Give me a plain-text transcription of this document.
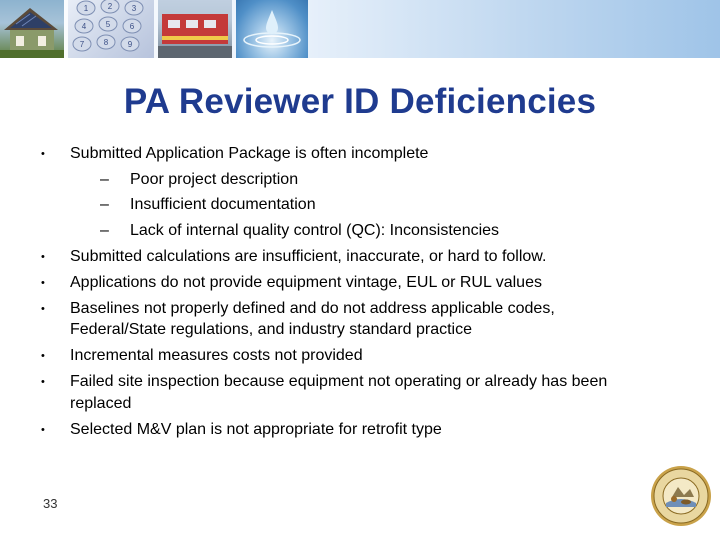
1 2 3
4 5 6
7 8 9
PA Reviewer ID Deficiencies
• Submitted Application Package is often incomplete
– Poor project description
– Insufficient documentation
– Lack of internal quality control (QC): Inconsistencies
• Submitted calculations are insufficient, inaccurate, or hard to follow.
• Applications do not provide equipment vintage, EUL or RUL values
• Baselines not properly defined and do not address applicable codes,
Federal/State regulations, and industry standard practice
• Incremental measures costs not provided
• Failed site inspection because equipment not operating or already has been
replaced
• Selected M&V plan is not appropriate for retrofit type
33
